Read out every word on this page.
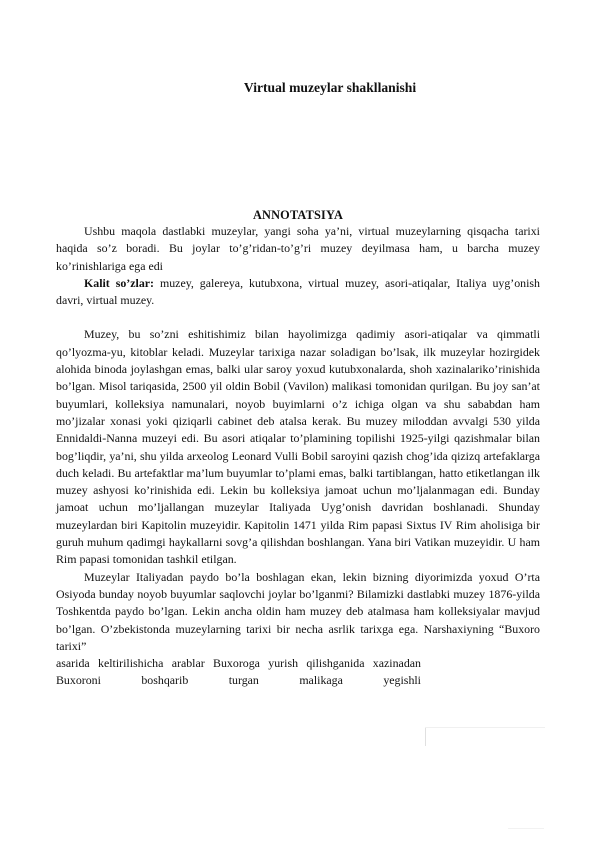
Virtual muzeylar shakllanishi
ANNOTATSIYA

Ushbu maqola dastlabki muzeylar, yangi soha ya’ni, virtual muzeylarning qisqacha tarixi haqida so’z boradi. Bu joylar to’g’ridan-to’g’ri muzey deyilmasa ham, u barcha muzey ko’rinishlariga ega edi

Kalit so’zlar: muzey, galereya, kutubxona, virtual muzey, asori-atiqalar, Italiya uyg’onish davri, virtual muzey.

Muzey, bu so’zni eshitishimiz bilan hayolimizga qadimiy asori-atiqalar va qimmatli qo’lyozma-yu, kitoblar keladi. Muzeylar tarixiga nazar soladigan bo’lsak, ilk muzeylar hozirgidek alohida binoda joylashgan emas, balki ular saroy yoxud kutubxonalarda, shoh xazinalariko’rinishida bo’lgan. Misol tariqasida, 2500 yil oldin Bobil (Vavilon) malikasi tomonidan qurilgan. Bu joy san’at buyumlari, kolleksiya namunalari, noyob buyimlarni o’z ichiga olgan va shu sababdan ham mo’jizalar xonasi yoki qiziqarli cabinet deb atalsa kerak. Bu muzey miloddan avvalgi 530 yilda Ennidaldi-Nanna muzeyi edi. Bu asori atiqalar to’plamining topilishi 1925-yilgi qazishmalar bilan bog’liqdir, ya’ni, shu yilda arxeolog Leonard Vulli Bobil saroyini qazish chog’ida qizizq artefaklarga duch keladi. Bu artefaktlar ma’lum buyumlar to’plami emas, balki tartiblangan, hatto etiketlangan ilk muzey ashyosi ko’rinishida edi. Lekin bu kolleksiya jamoat uchun mo’ljalanmagan edi. Bunday jamoat uchun mo’ljallangan muzeylar Italiyada Uyg’onish davridan boshlanadi. Shunday muzeylardan biri Kapitolin muzeyidir. Kapitolin 1471 yilda Rim papasi Sixtus IV Rim aholisiga bir guruh muhum qadimgi haykallarni sovg’a qilishdan boshlangan. Yana biri Vatikan muzeyidir. U ham Rim papasi tomonidan tashkil etilgan.

Muzeylar Italiyadan paydo bo’la boshlagan ekan, lekin bizning diyorimizda yoxud O’rta Osiyoda bunday noyob buyumlar saqlovchi joylar bo’lganmi? Bilamizki dastlabki muzey 1876-yilda Toshkentda paydo bo’lgan. Lekin ancha oldin ham muzey deb atalmasa ham kolleksiyalar mavjud bo’lgan. O’zbekistonda muzeylarning tarixi bir necha asrlik tarixga ega. Narshaxiyning “Buxoro tarixi”

asarida keltirilishicha arablar Buxoroga yurish qilishganida xazinadan Buxoroni boshqarib turgan malikaga yegishli
